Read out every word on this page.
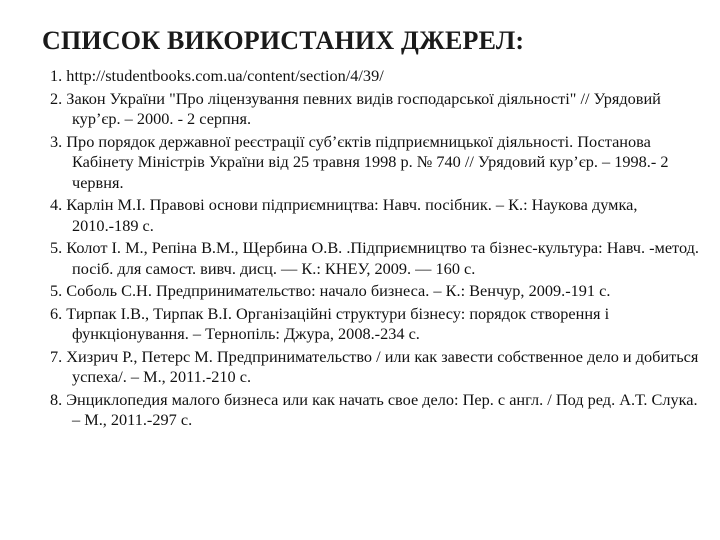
СПИСОК ВИКОРИСТАНИХ ДЖЕРЕЛ:

1. http://studentbooks.com.ua/content/section/4/39/

2. Закон України "Про ліцензування певних видів господарської діяльності" // Урядовий кур’єр. – 2000. - 2 серпня.

3. Про порядок державної реєстрації суб’єктів підприємницької діяльності. Постанова Кабінету Міністрів України від 25 травня 1998 р. № 740 // Урядовий кур’єр. – 1998.- 2 червня.

4. Карлін М.І. Правові основи підприємництва: Навч. посібник. – К.: Наукова думка, 2010.-189 с.

5. Колот І. М., Репіна В.М., Щербина О.В. .Підприємництво та бізнес-культура: Навч. -метод. посіб. для самост. вивч. дисц. — К.: КНЕУ, 2009. — 160 с.

5. Соболь С.Н. Предпринимательство: начало бизнеса. – К.: Венчур, 2009.-191 с.

6. Тирпак І.В., Тирпак В.І. Організаційні структури бізнесу: порядок створення і функціонування. – Тернопіль: Джура, 2008.-234 с.

7. Хизрич Р., Петерс М. Предпринимательство / или как завести собственное дело и добиться успеха/. – М., 2011.-210 с.

8. Энциклопедия малого бизнеса или как начать свое дело: Пер. с англ. / Под ред. А.Т. Слука. – М., 2011.-297 с.
